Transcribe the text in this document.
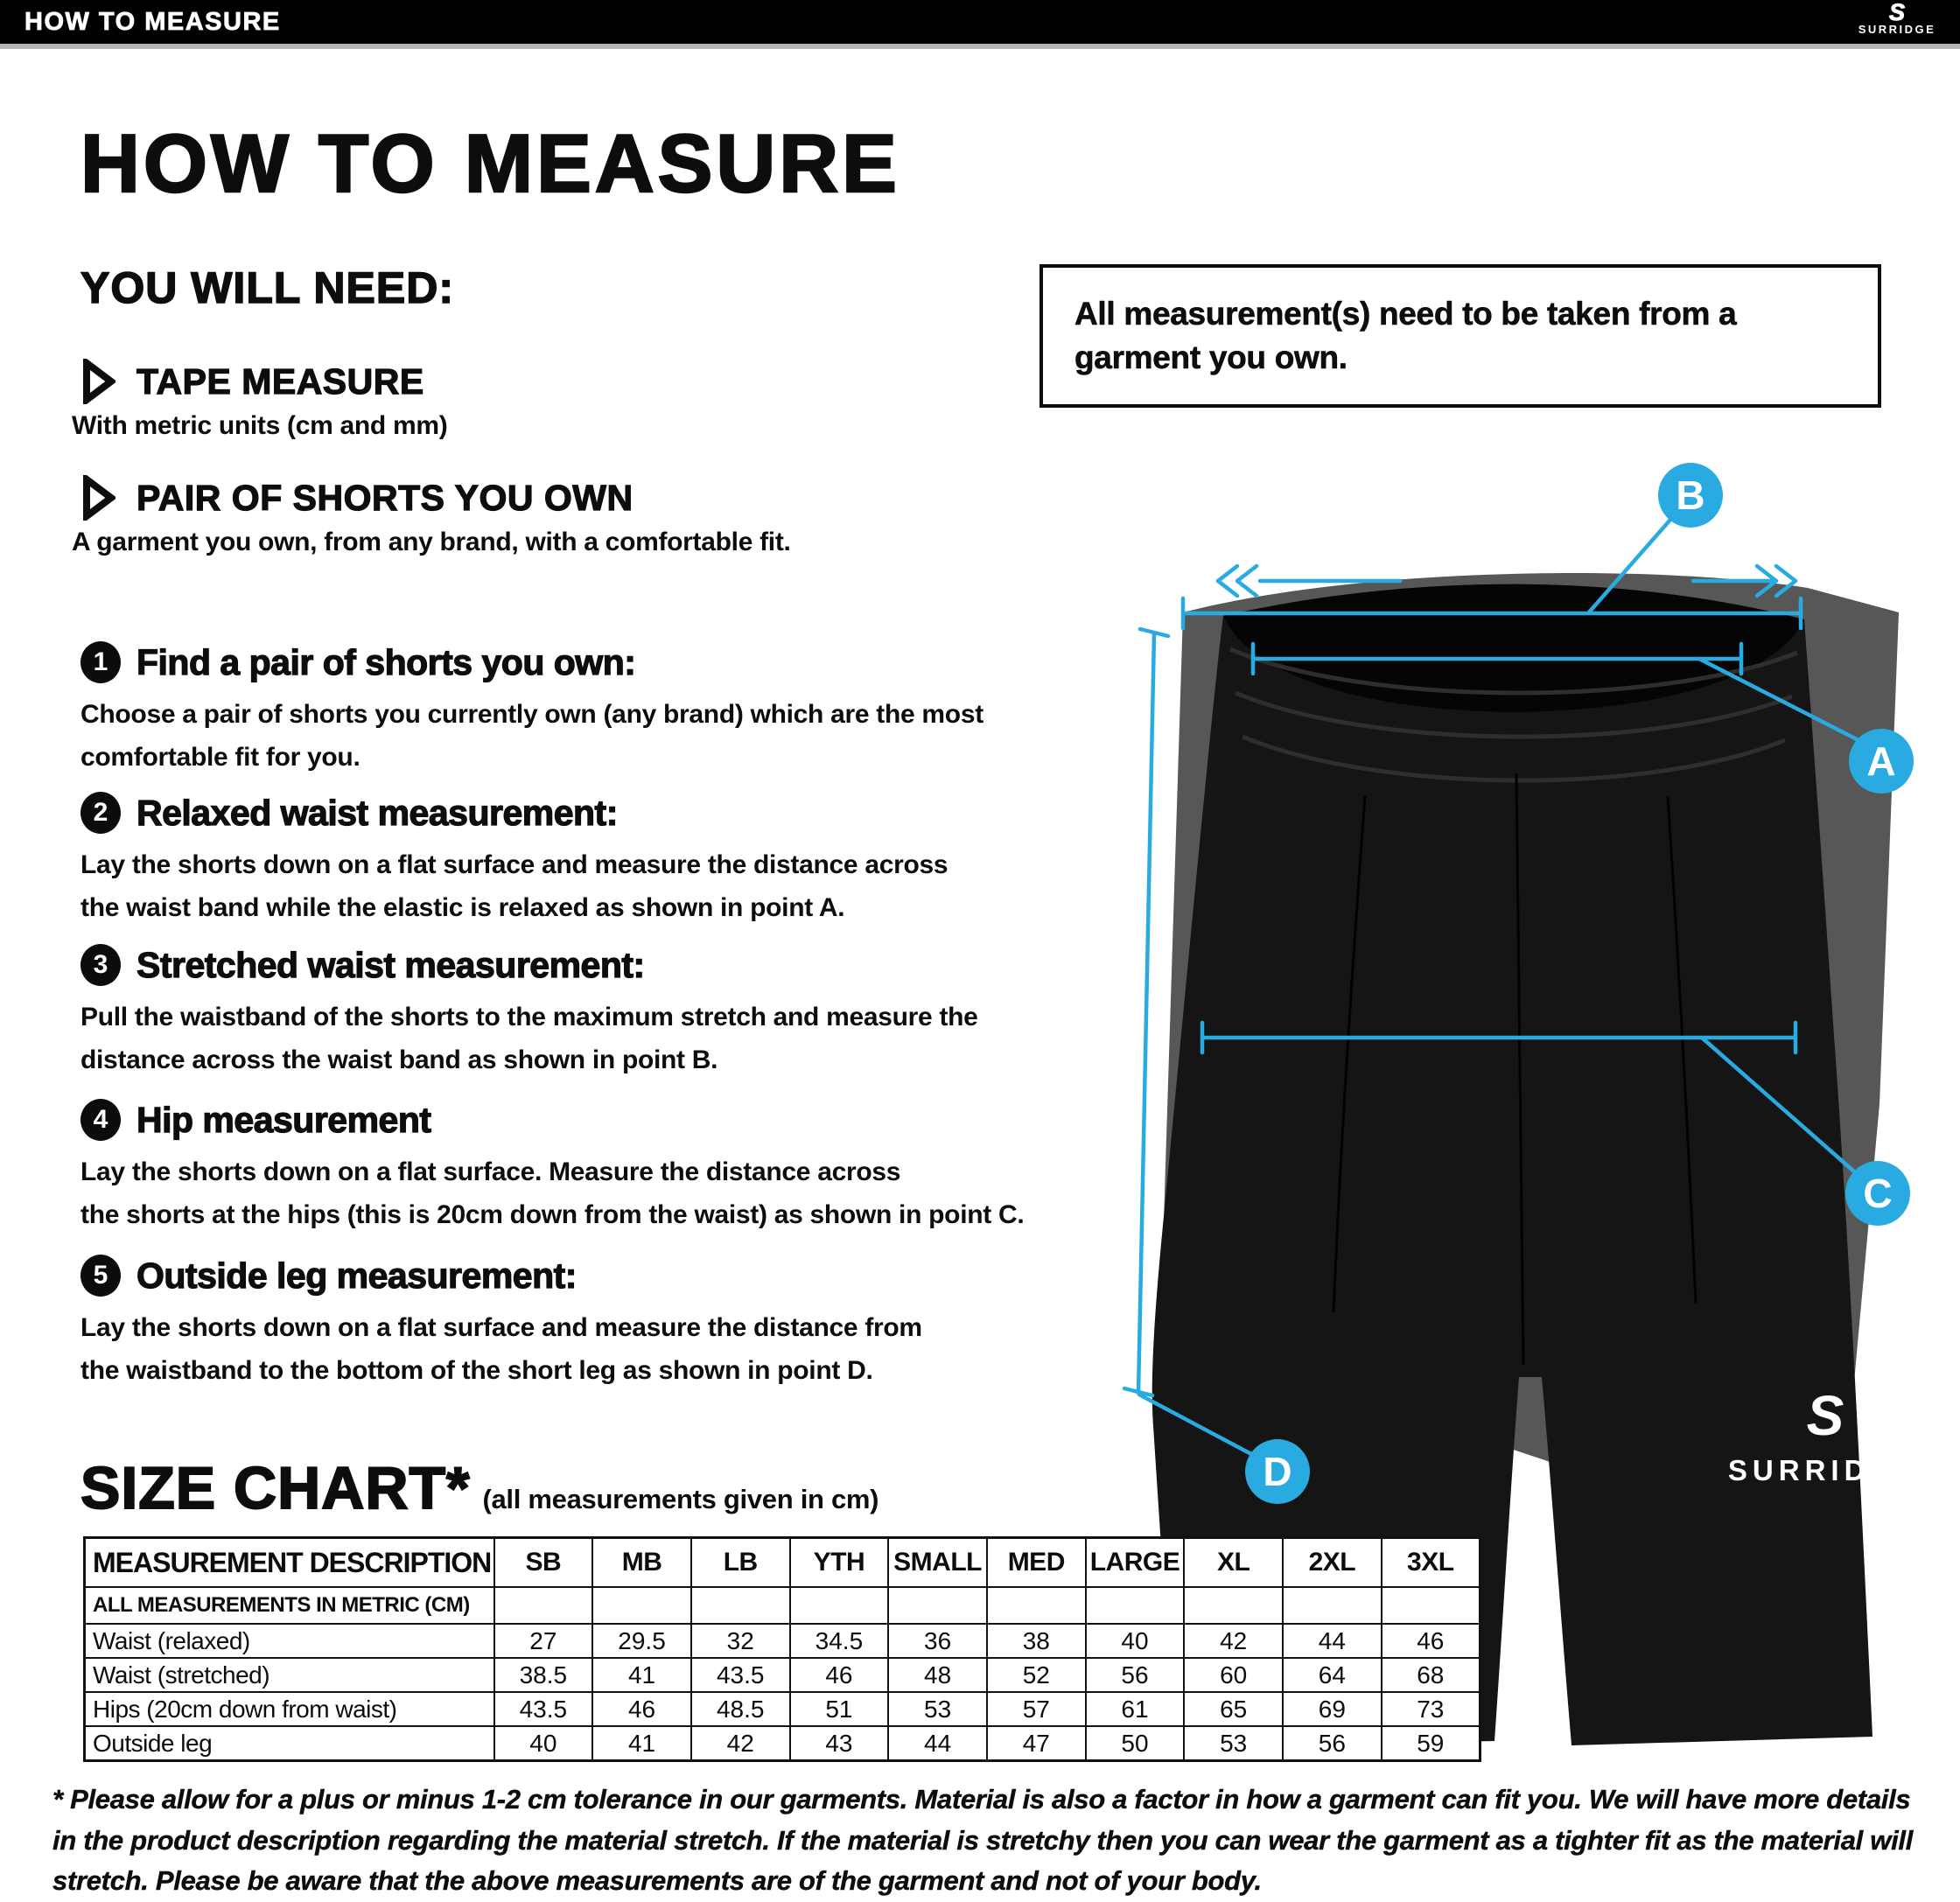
HOW TO MEASURE	S
SURRIDGE
HOW TO MEASURE
YOU WILL NEED:
TAPE MEASURE
With metric units (cm and mm)
PAIR OF SHORTS YOU OWN
A garment you own, from any brand, with a comfortable fit.
1 Find a pair of shorts you own:
Choose a pair of shorts you currently own (any brand) which are the most
comfortable fit for you.
2 Relaxed waist measurement:
Lay the shorts down on a flat surface and measure the distance across
the waist band while the elastic is relaxed as shown in point A.
3 Stretched waist measurement:
Pull the waistband of the shorts to the maximum stretch and measure the
distance across the waist band as shown in point B.
4 Hip measurement
Lay the shorts down on a flat surface. Measure the distance across
the shorts at the hips (this is 20cm down from the waist) as shown in point C.
5 Outside leg measurement:
Lay the shorts down on a flat surface and measure the distance from
the waistband to the bottom of the short leg as shown in point D.
All measurement(s) need to be taken from a garment you own.
S
SURRIDGE
B
A
C
D
SIZE CHART* (all measurements given in cm)
MEASUREMENT DESCRIPTION	SB	MB	LB	YTH	SMALL	MED	LARGE	XL	2XL	3XL
ALL MEASUREMENTS IN METRIC (CM)										
Waist (relaxed)	27	29.5	32	34.5	36	38	40	42	44	46
Waist (stretched)	38.5	41	43.5	46	48	52	56	60	64	68
Hips (20cm down from waist)	43.5	46	48.5	51	53	57	61	65	69	73
Outside leg	40	41	42	43	44	47	50	53	56	59
* Please allow for a plus or minus 1-2 cm tolerance in our garments. Material is also a factor in how a garment can fit you. We will have more details in the product description regarding the material stretch. If the material is stretchy then you can wear the garment as a tighter fit as the material will stretch. Please be aware that the above measurements are of the garment and not of your body.
